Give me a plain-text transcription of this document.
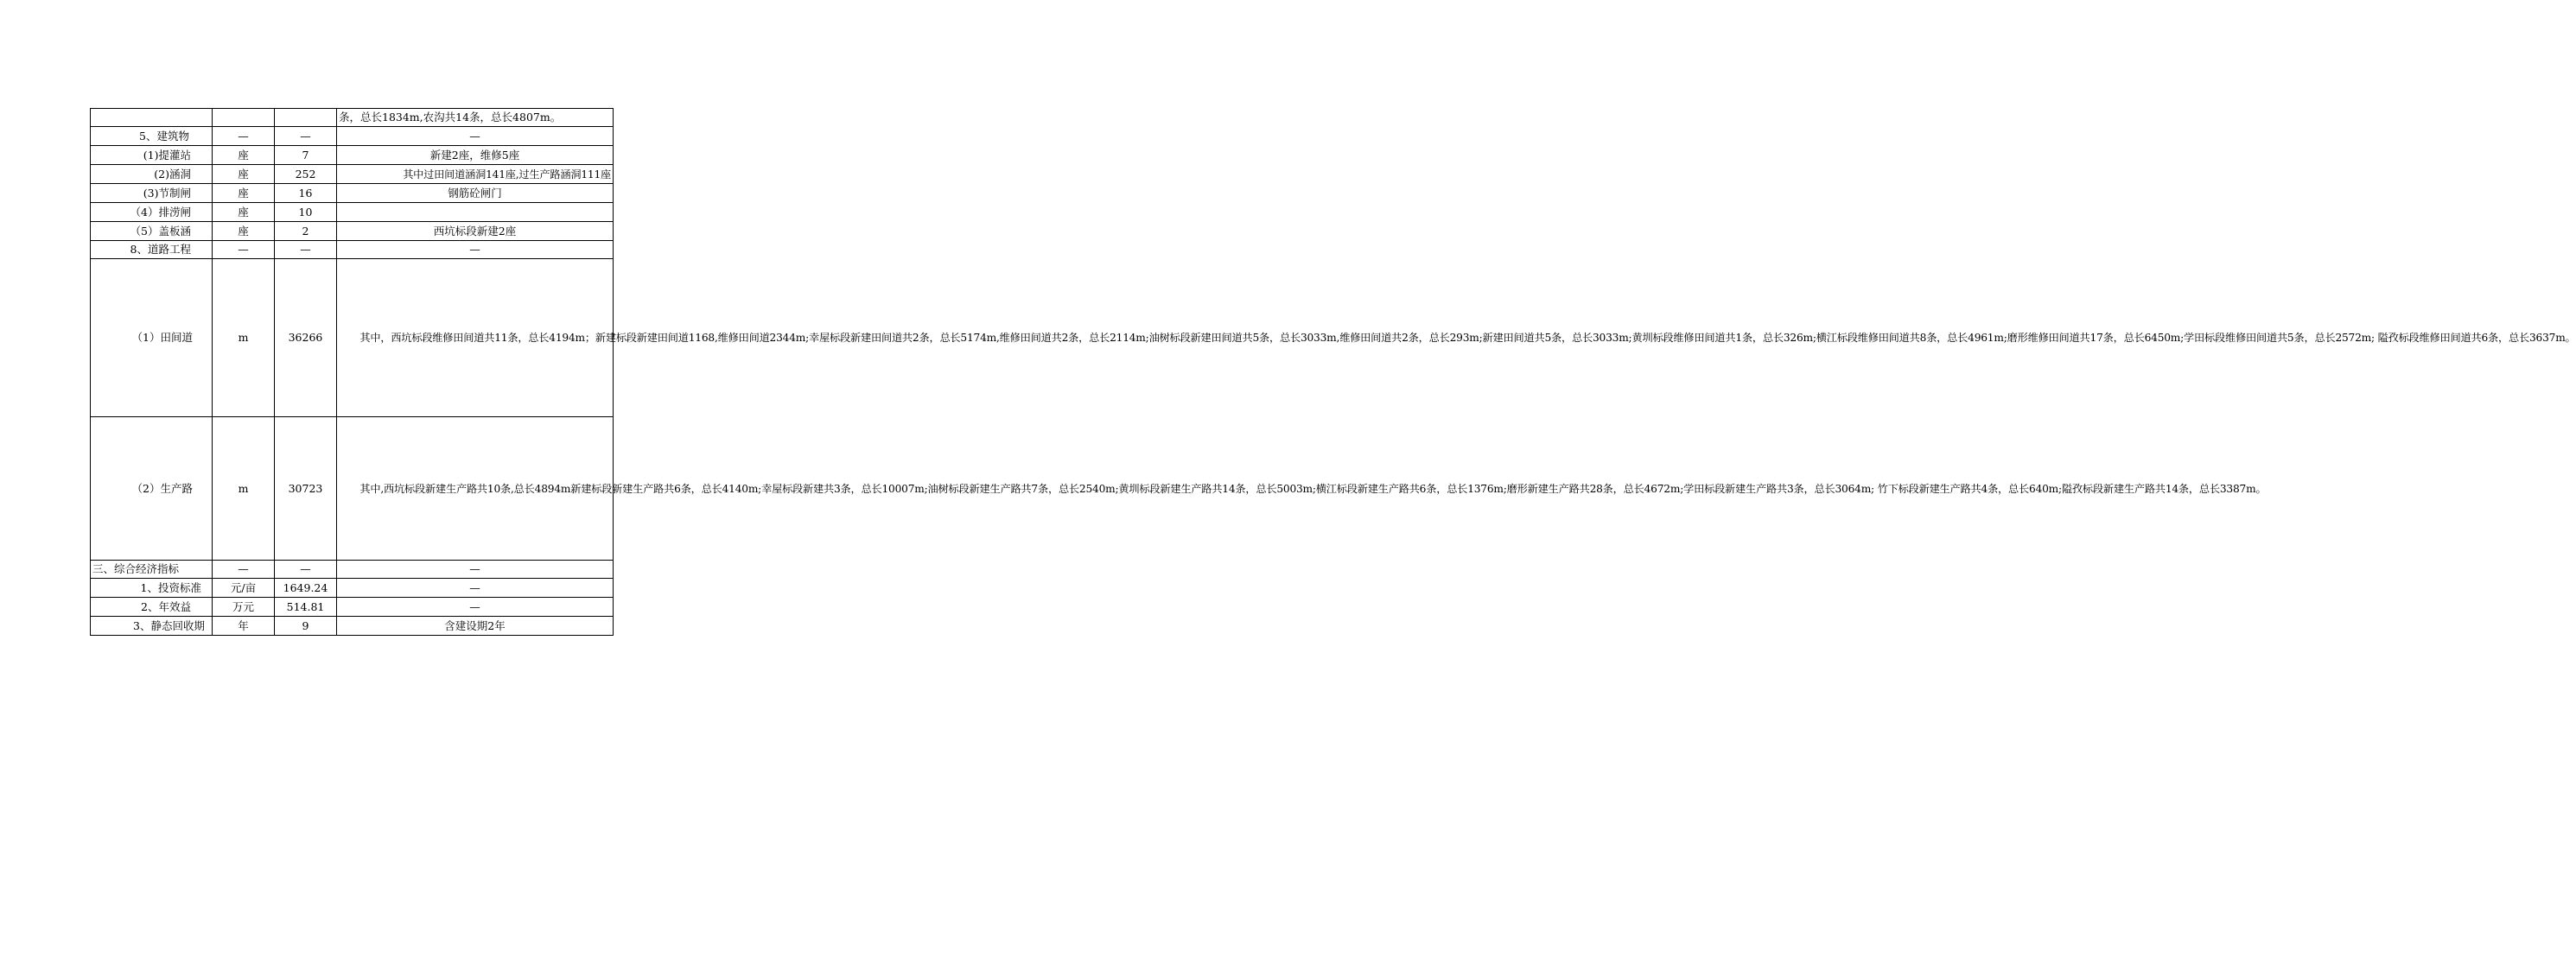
			条，总长1834m,农沟共14条，总长4807m。
5、建筑物	—	—	—
(1)提灌站	座	7	新建2座，维修5座
(2)涵洞	座	252	其中过田间道涵洞141座,过生产路涵洞111座
(3)节制闸	座	16	钢筋砼闸门
（4）排涝闸	座	10	
（5）盖板涵	座	2	西坑标段新建2座
8、道路工程	—	—	—
（1）田间道	m	36266	其中，西坑标段维修田间道共11条，总长4194m；新建标段新建田间道1168,维修田间道2344m;幸屋标段新建田间道共2条，总长5174m,维修田间道共2条，总长2114m;油树标段新建田间道共5条，总长3033m,维修田间道共2条，总长293m;新建田间道共5条，总长3033m;黄圳标段维修田间道共1条，总长326m;横江标段维修田间道共8条，总长4961m;磨形维修田间道共17条，总长6450m;学田标段维修田间道共5条，总长2572m; 隘孜标段维修田间道共6条，总长3637m。
（2）生产路	m	30723	其中,西坑标段新建生产路共10条,总长4894m新建标段新建生产路共6条，总长4140m;幸屋标段新建共3条，总长10007m;油树标段新建生产路共7条，总长2540m;黄圳标段新建生产路共14条，总长5003m;横江标段新建生产路共6条，总长1376m;磨形新建生产路共28条，总长4672m;学田标段新建生产路共3条，总长3064m; 竹下标段新建生产路共4条，总长640m;隘孜标段新建生产路共14条，总长3387m。
三、综合经济指标	—	—	—
1、投资标准	元/亩	1649.24	—
2、年效益	万元	514.81	—
3、静态回收期	年	9	含建设期2年
